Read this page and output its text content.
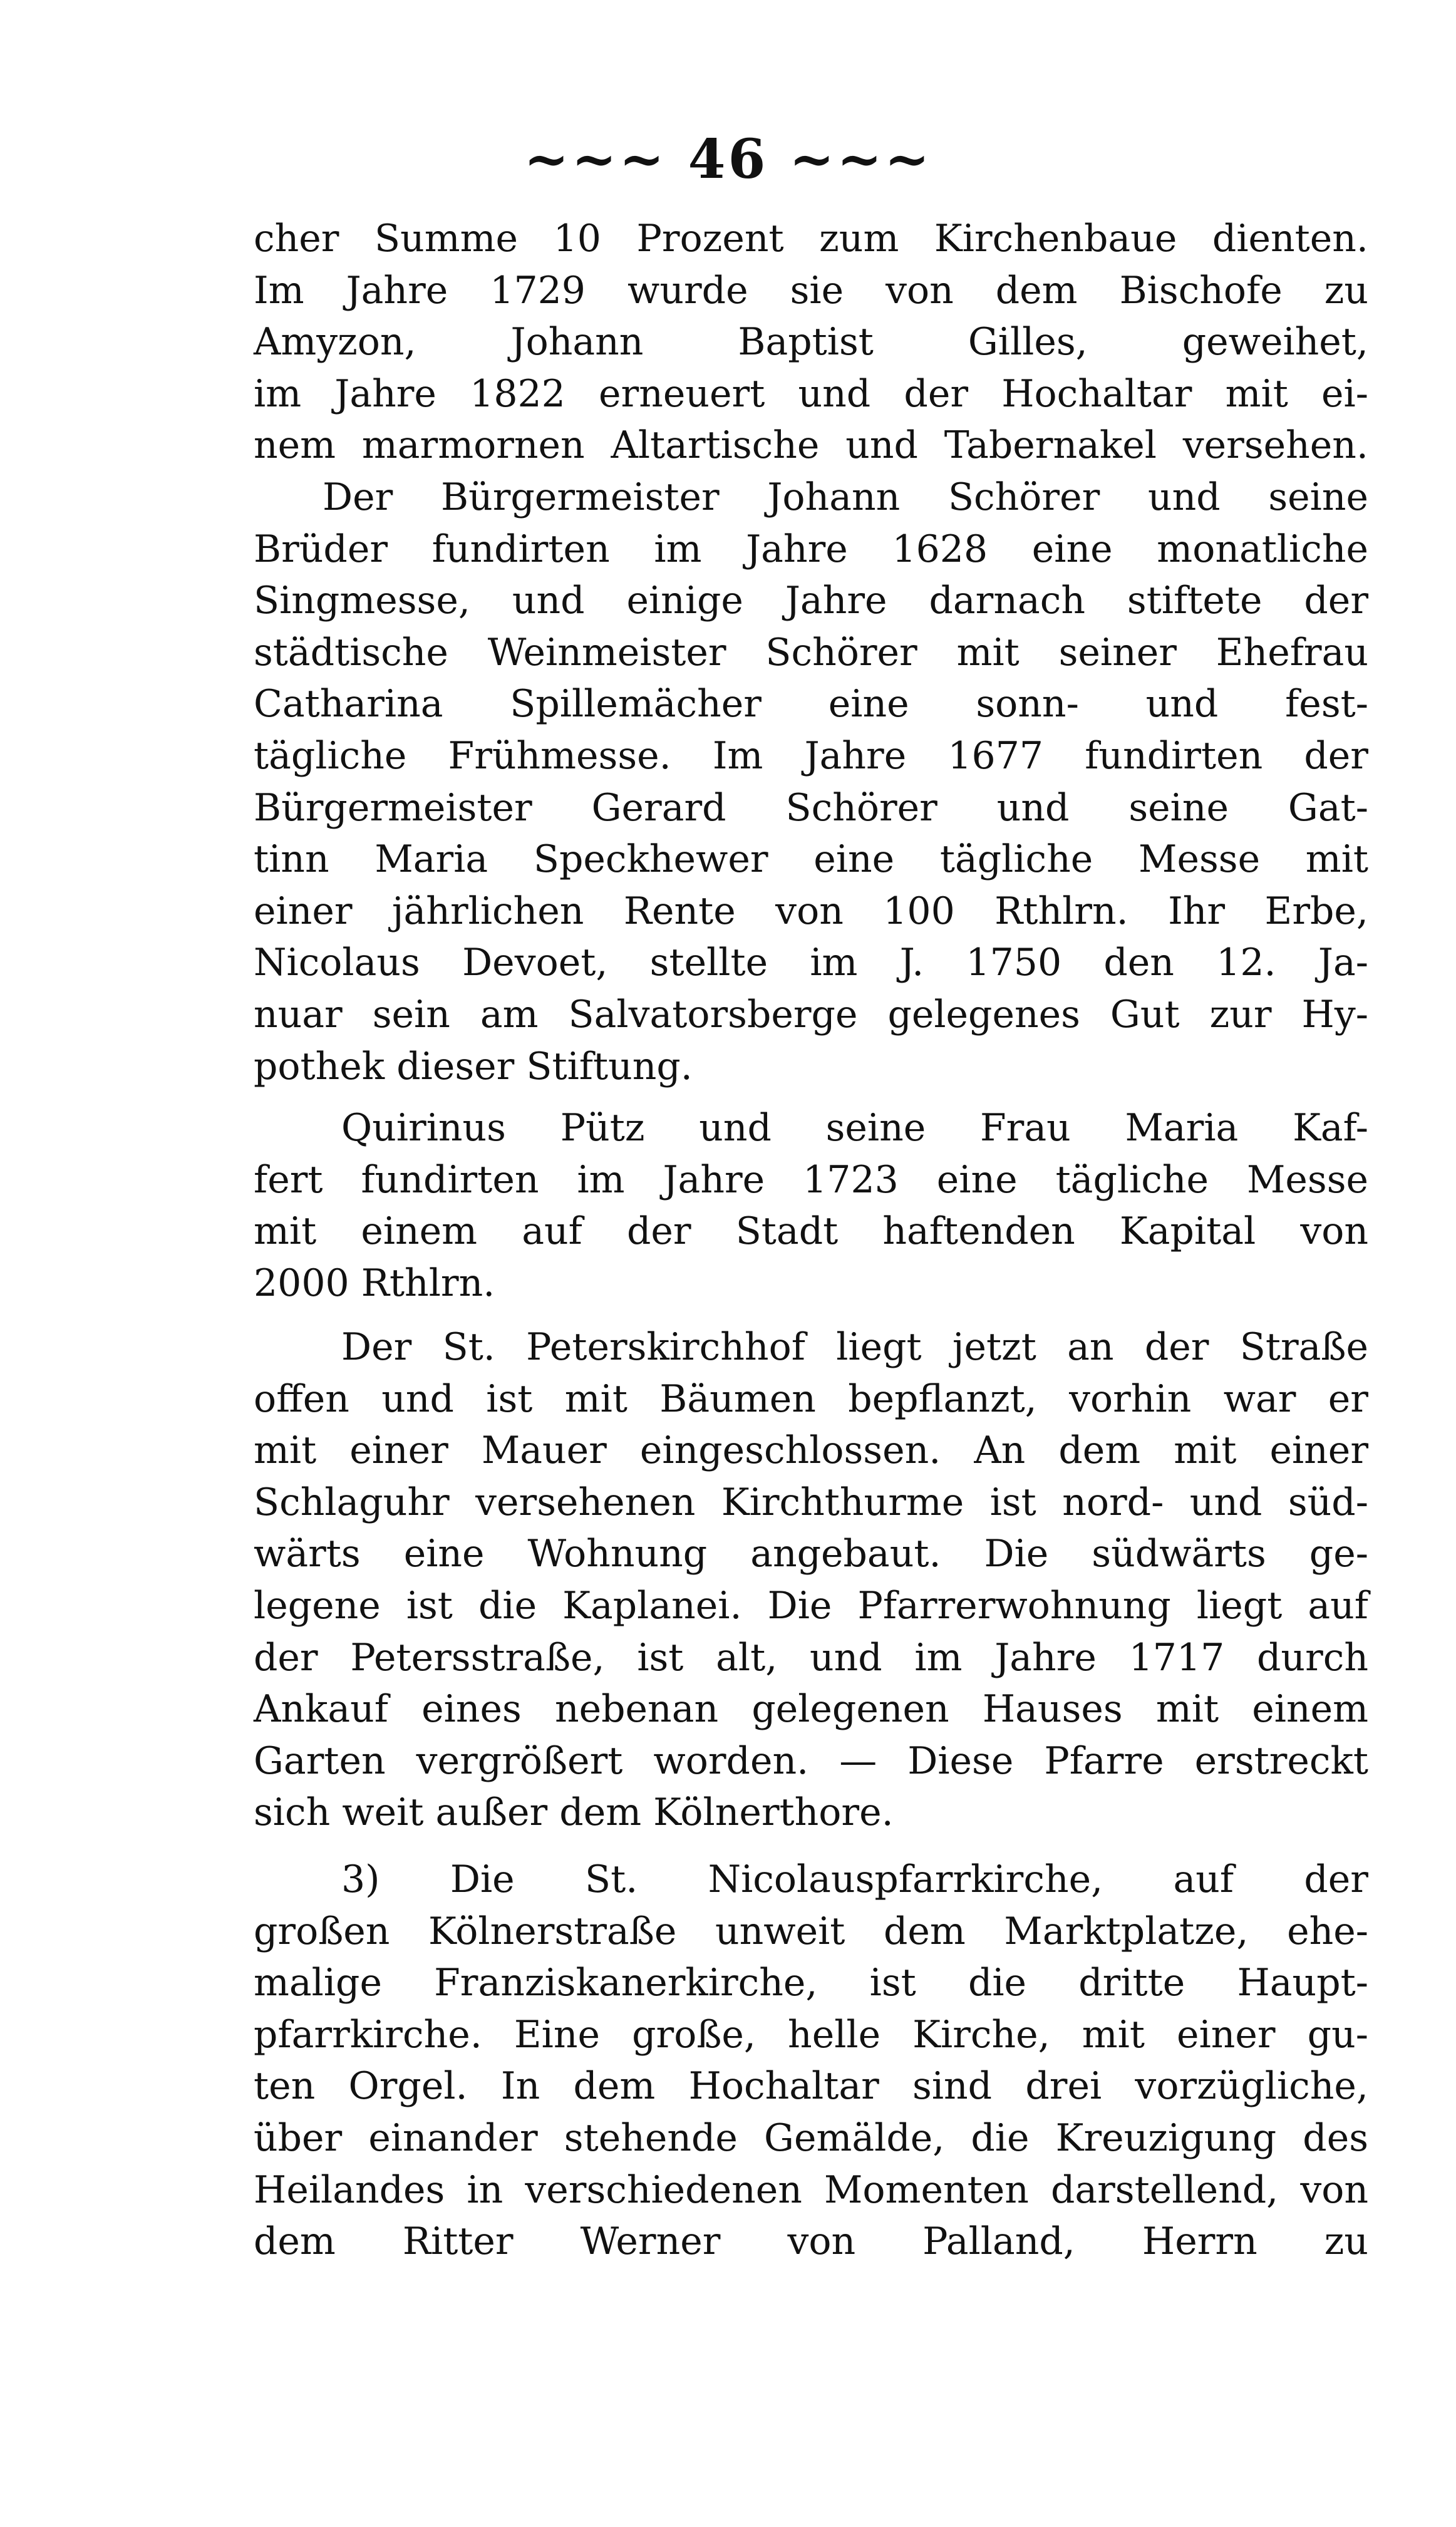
~~~ 46 ~~~
cher Summe 10 Prozent zum Kirchenbaue dienten.
Im Jahre 1729 wurde sie von dem Bischofe zu
Amyzon, Johann Baptist Gilles, geweihet,
im Jahre 1822 erneuert und der Hochaltar mit ei-
nem marmornen Altartische und Tabernakel versehen.
Der Bürgermeister Johann Schörer und seine
Brüder fundirten im Jahre 1628 eine monatliche
Singmesse, und einige Jahre darnach stiftete der
städtische Weinmeister Schörer mit seiner Ehefrau
Catharina Spillemächer eine sonn- und fest-
tägliche Frühmesse. Im Jahre 1677 fundirten der
Bürgermeister Gerard Schörer und seine Gat-
tinn Maria Speckhewer eine tägliche Messe mit
einer jährlichen Rente von 100 Rthlrn. Ihr Erbe,
Nicolaus Devoet, stellte im J. 1750 den 12. Ja-
nuar sein am Salvatorsberge gelegenes Gut zur Hy-
pothek dieser Stiftung.
Quirinus Pütz und seine Frau Maria Kaf-
fert fundirten im Jahre 1723 eine tägliche Messe
mit einem auf der Stadt haftenden Kapital von
2000 Rthlrn.
Der St. Peterskirchhof liegt jetzt an der Straße
offen und ist mit Bäumen bepflanzt, vorhin war er
mit einer Mauer eingeschlossen. An dem mit einer
Schlaguhr versehenen Kirchthurme ist nord- und süd-
wärts eine Wohnung angebaut. Die südwärts ge-
legene ist die Kaplanei. Die Pfarrerwohnung liegt auf
der Petersstraße, ist alt, und im Jahre 1717 durch
Ankauf eines nebenan gelegenen Hauses mit einem
Garten vergrößert worden. — Diese Pfarre erstreckt
sich weit außer dem Kölnerthore.
3) Die St. Nicolauspfarrkirche, auf der
großen Kölnerstraße unweit dem Marktplatze, ehe-
malige Franziskanerkirche, ist die dritte Haupt-
pfarrkirche. Eine große, helle Kirche, mit einer gu-
ten Orgel. In dem Hochaltar sind drei vorzügliche,
über einander stehende Gemälde, die Kreuzigung des
Heilandes in verschiedenen Momenten darstellend, von
dem Ritter Werner von Palland, Herrn zu
